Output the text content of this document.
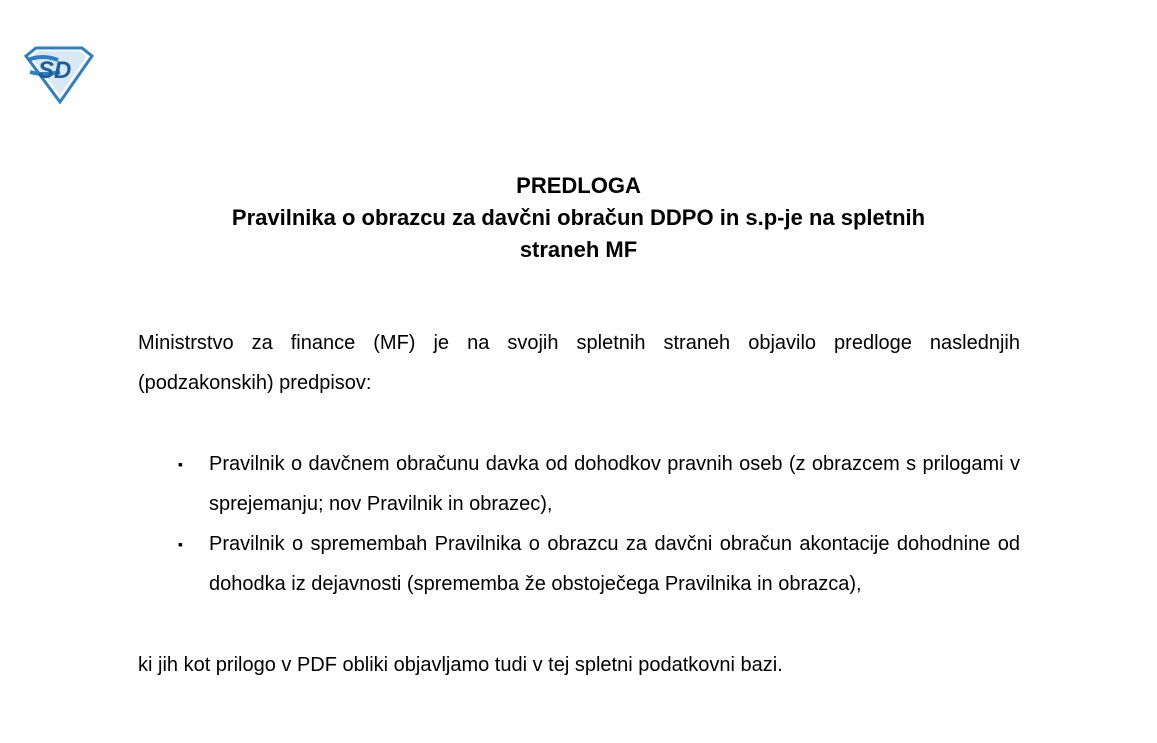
SD
PREDLOGA
Pravilnika o obrazcu za davčni obračun DDPO in s.p-je na spletnih
straneh MF
Ministrstvo za finance (MF) je na svojih spletnih straneh objavilo predloge naslednjih (podzakonskih) predpisov:
▪ Pravilnik o davčnem obračunu davka od dohodkov pravnih oseb (z obrazcem s prilogami v sprejemanju; nov Pravilnik in obrazec),
▪ Pravilnik o spremembah Pravilnika o obrazcu za davčni obračun akontacije dohodnine od dohodka iz dejavnosti (sprememba že obstoječega Pravilnika in obrazca),
ki jih kot prilogo v PDF obliki objavljamo tudi v tej spletni podatkovni bazi.
